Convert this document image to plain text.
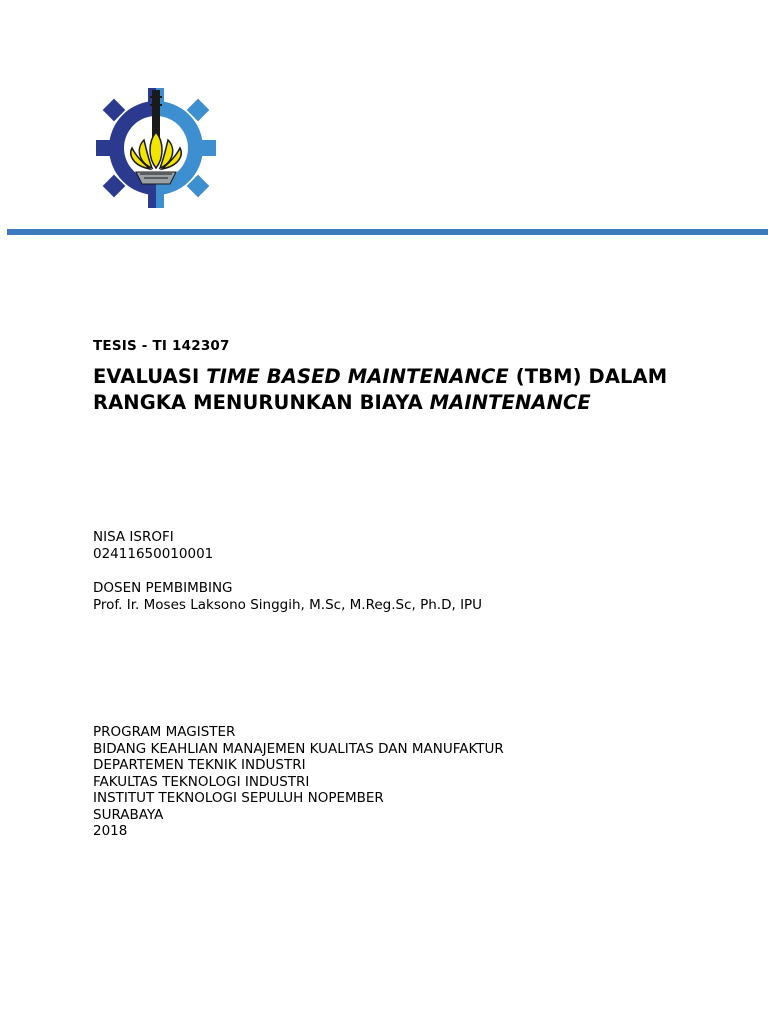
TESIS - TI 142307
EVALUASI TIME BASED MAINTENANCE (TBM) DALAM
RANGKA MENURUNKAN BIAYA MAINTENANCE
NISA ISROFI
02411650010001
DOSEN PEMBIMBING
Prof. Ir. Moses Laksono Singgih, M.Sc, M.Reg.Sc, Ph.D, IPU
PROGRAM MAGISTER
BIDANG KEAHLIAN MANAJEMEN KUALITAS DAN MANUFAKTUR
DEPARTEMEN TEKNIK INDUSTRI
FAKULTAS TEKNOLOGI INDUSTRI
INSTITUT TEKNOLOGI SEPULUH NOPEMBER
SURABAYA
2018
